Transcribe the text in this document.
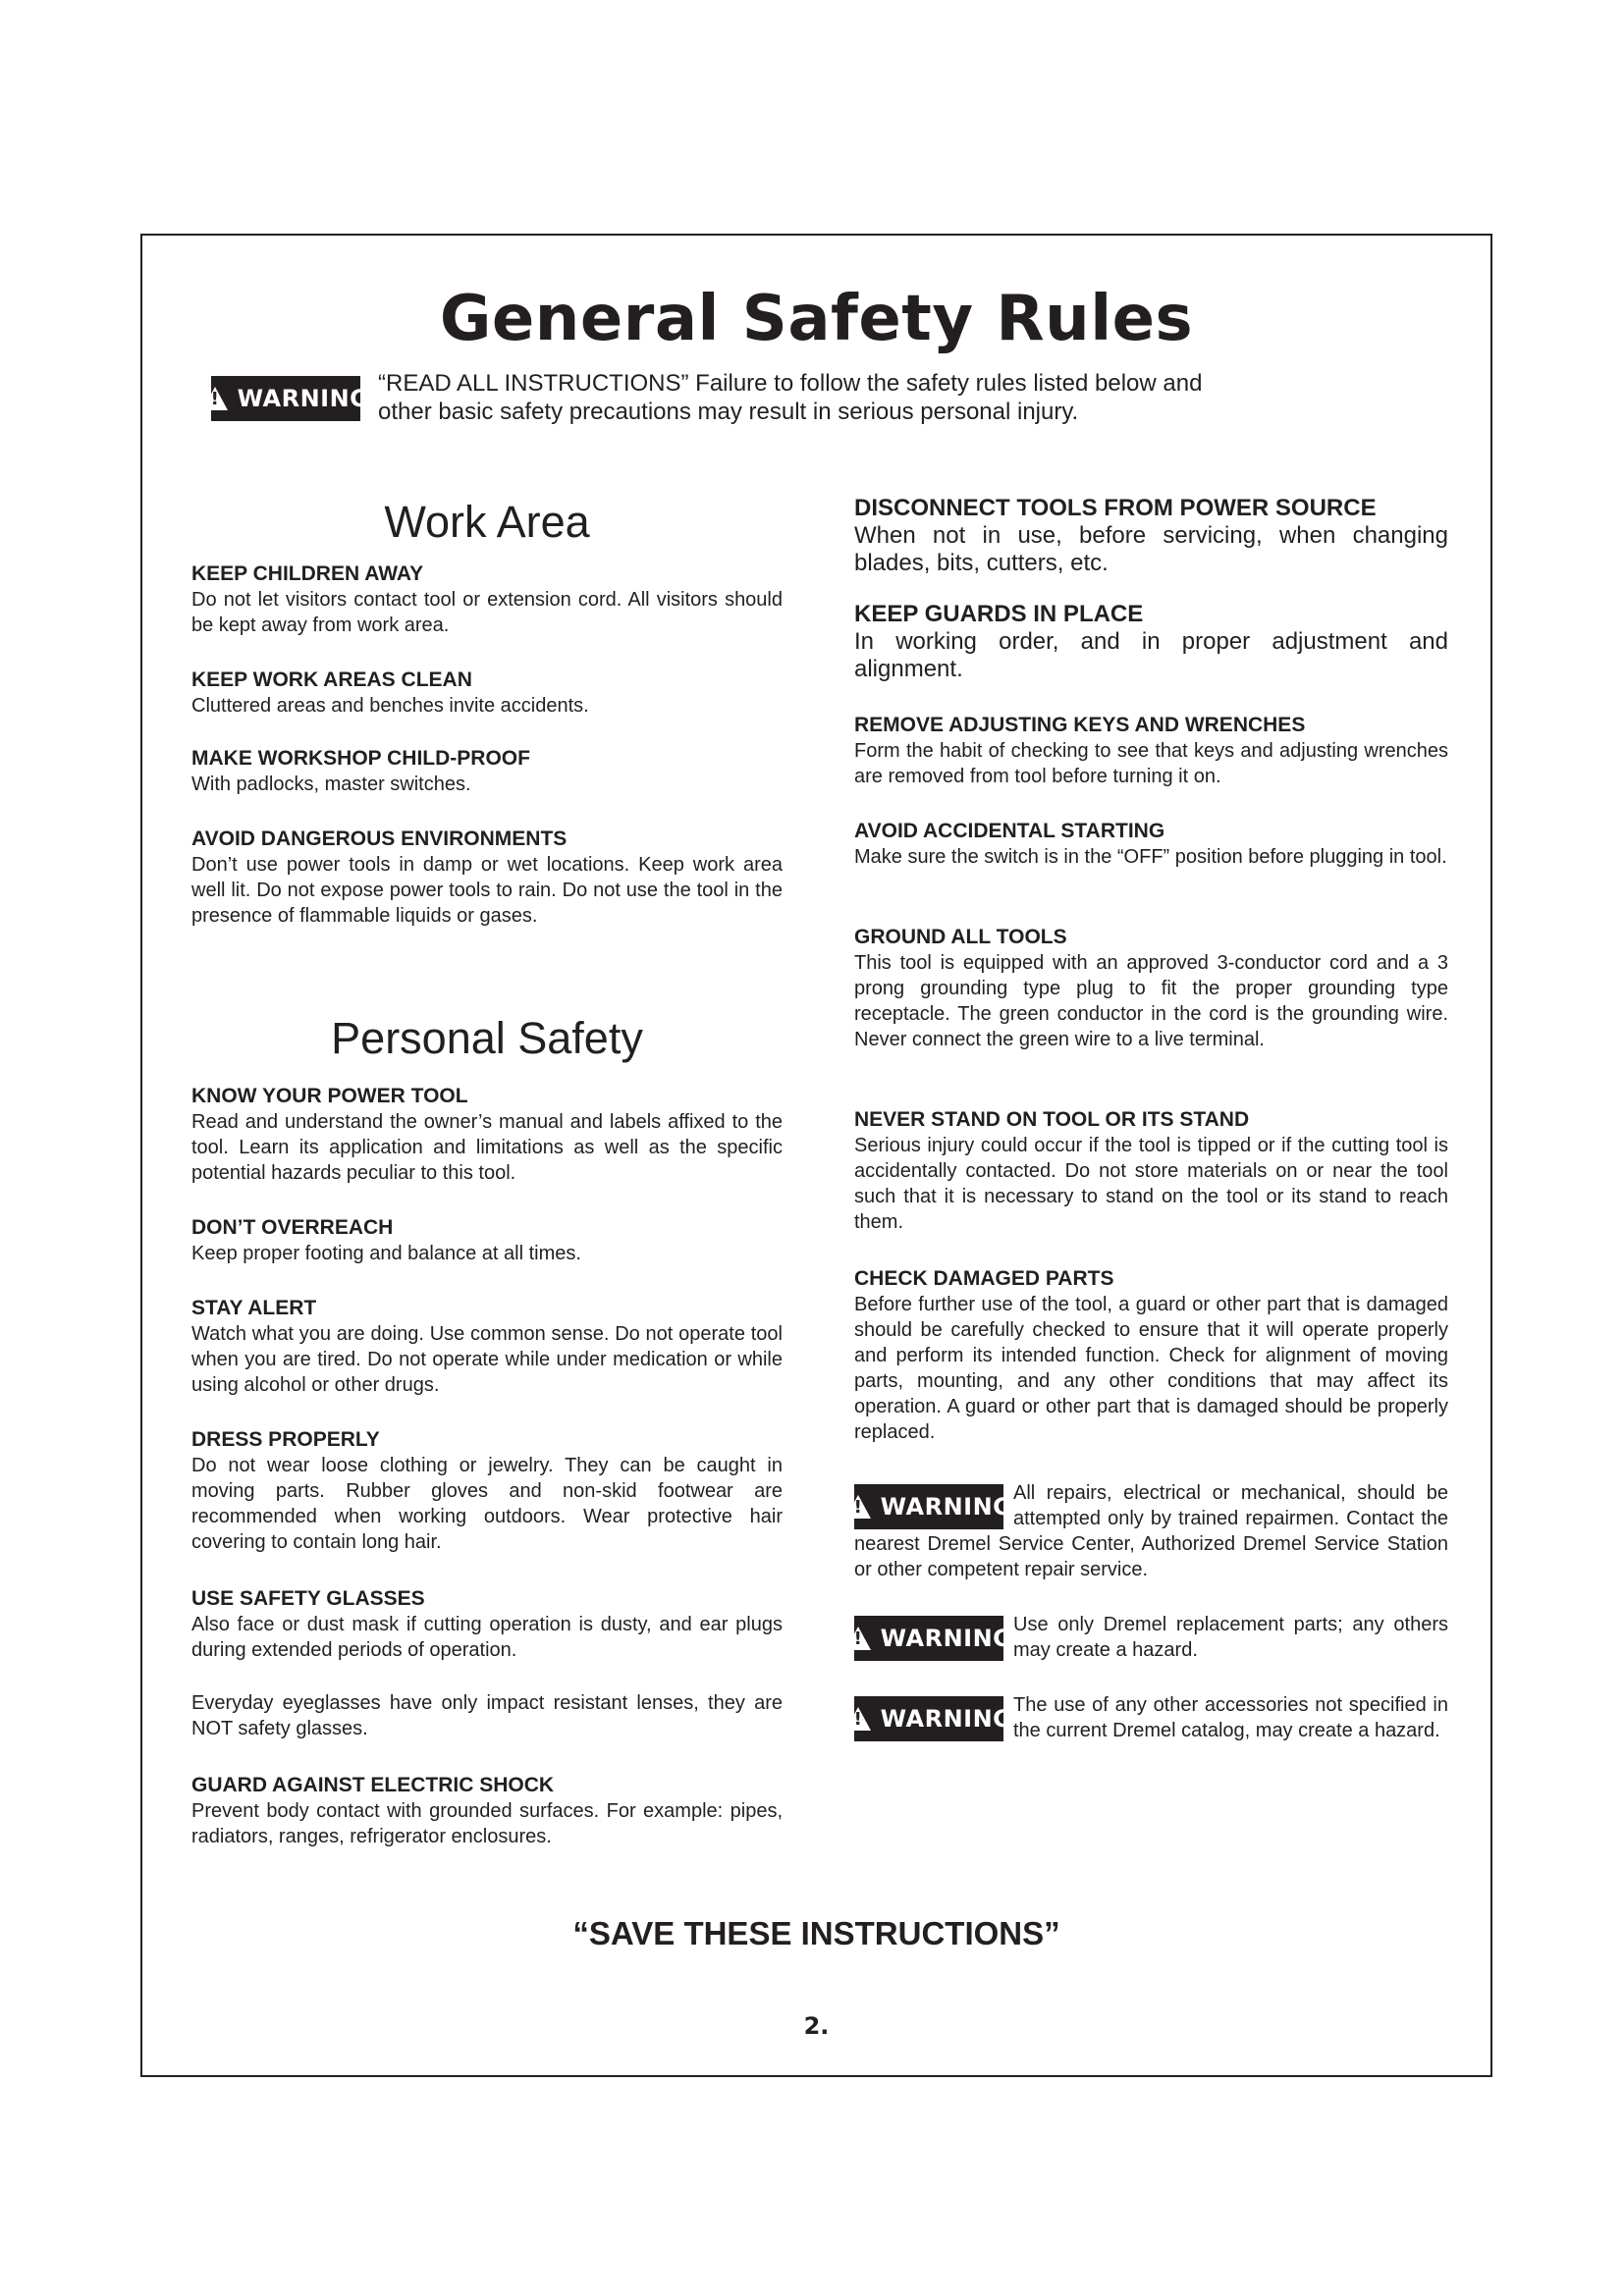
General Safety Rules
!
WARNING

“READ ALL INSTRUCTIONS” Failure to follow the safety rules listed below and other basic safety precautions may result in serious personal injury.

Work Area
KEEP CHILDREN AWAY

Do not let visitors contact tool or extension cord. All visitors should be kept away from work area.

KEEP WORK AREAS CLEAN

Cluttered areas and benches invite accidents.

MAKE WORKSHOP CHILD-PROOF

With padlocks, master switches.

AVOID DANGEROUS ENVIRONMENTS

Don’t use power tools in damp or wet locations. Keep work area well lit. Do not expose power tools to rain. Do not use the tool in the presence of flammable liquids or gases.

Personal Safety
KNOW YOUR POWER TOOL

Read and understand the owner’s manual and labels affixed to the tool. Learn its application and limitations as well as the specific potential hazards peculiar to this tool.

DON’T OVERREACH

Keep proper footing and balance at all times.

STAY ALERT

Watch what you are doing. Use common sense. Do not operate tool when you are tired. Do not operate while under medication or while using alcohol or other drugs.

DRESS PROPERLY

Do not wear loose clothing or jewelry. They can be caught in moving parts. Rubber gloves and non-skid footwear are recommended when working outdoors. Wear protective hair covering to contain long hair.

USE SAFETY GLASSES

Also face or dust mask if cutting operation is dusty, and ear plugs during extended periods of operation.

Everyday eyeglasses have only impact resistant lenses, they are NOT safety glasses.

GUARD AGAINST ELECTRIC SHOCK

Prevent body contact with grounded surfaces. For example: pipes, radiators, ranges, refrigerator enclosures.

DISCONNECT TOOLS FROM POWER SOURCE

When not in use, before servicing, when changing blades, bits, cutters, etc.

KEEP GUARDS IN PLACE

In working order, and in proper adjustment and alignment.

REMOVE ADJUSTING KEYS AND WRENCHES

Form the habit of checking to see that keys and adjusting wrenches are removed from tool before turning it on.

AVOID ACCIDENTAL STARTING

Make sure the switch is in the “OFF” position before plugging in tool.

GROUND ALL TOOLS

This tool is equipped with an approved 3-conductor cord and a 3 prong grounding type plug to fit the proper grounding type receptacle. The green conductor in the cord is the grounding wire. Never connect the green wire to a live terminal.

NEVER STAND ON TOOL OR ITS STAND

Serious injury could occur if the tool is tipped or if the cutting tool is accidentally contacted. Do not store materials on or near the tool such that it is necessary to stand on the tool or its stand to reach them.

CHECK DAMAGED PARTS

Before further use of the tool, a guard or other part that is damaged should be carefully checked to ensure that it will operate properly and perform its intended function. Check for alignment of moving parts, mounting, and any other conditions that may affect its operation. A guard or other part that is damaged should be properly replaced.

!
WARNING All repairs, electrical or mechanical, should be attempted only by trained repairmen. Contact the nearest Dremel Service Center, Authorized Dremel Service Station or other competent repair service.
!
WARNING Use only Dremel replacement parts; any others may create a hazard.
!
WARNING The use of any other accessories not specified in the current Dremel catalog, may create a hazard.

“SAVE THESE INSTRUCTIONS”

2.
